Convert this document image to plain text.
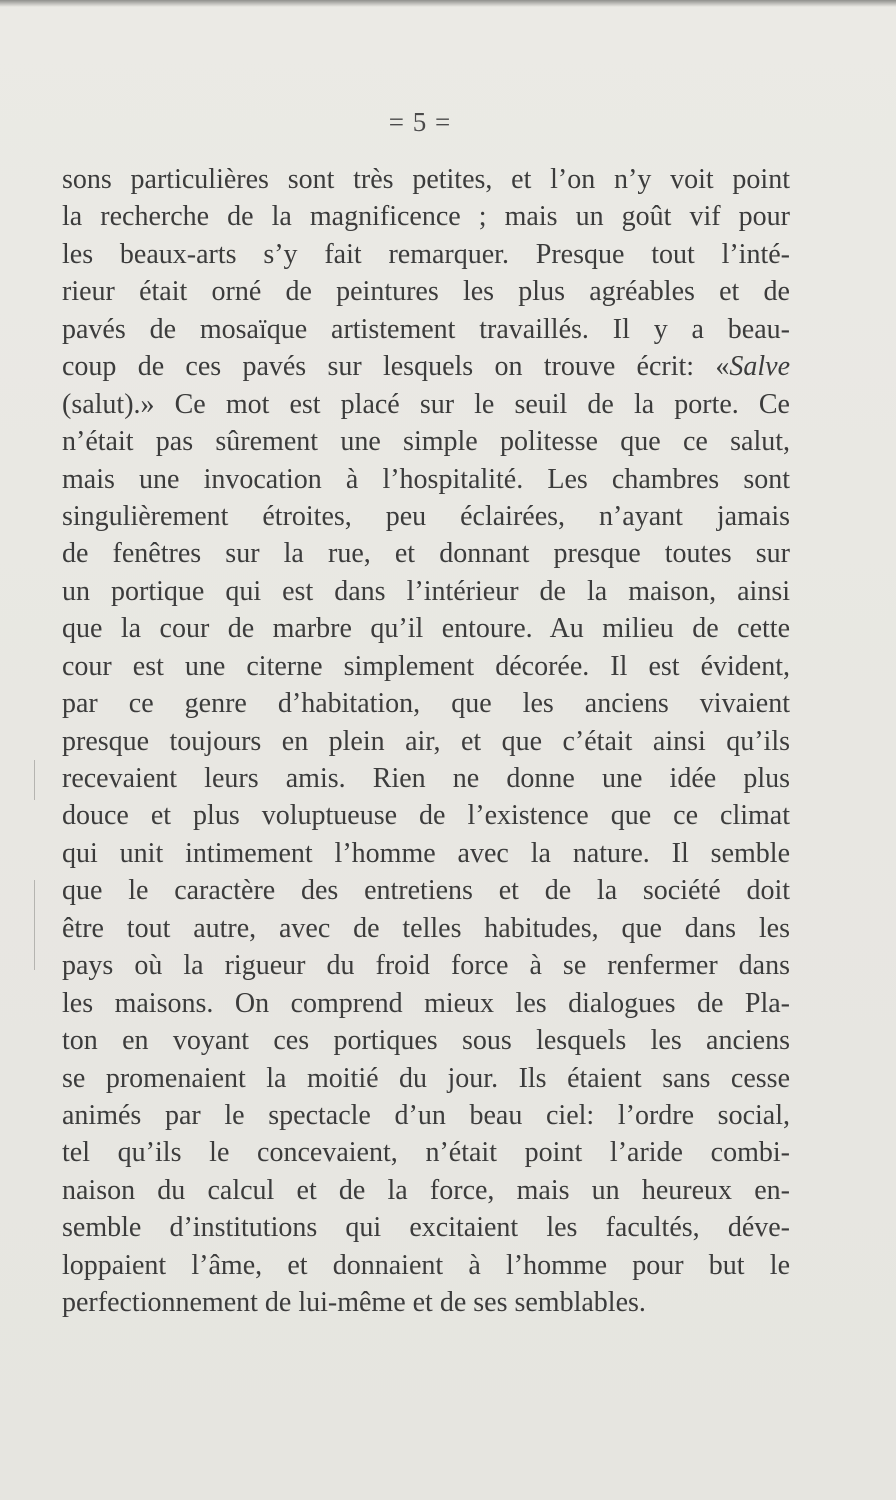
= 5 =
sons particulières sont très petites, et l’on n’y voit point
la recherche de la magnificence ; mais un goût vif pour
les beaux-arts s’y fait remarquer. Presque tout l’inté-
rieur était orné de peintures les plus agréables et de
pavés de mosaïque artistement travaillés. Il y a beau-
coup de ces pavés sur lesquels on trouve écrit: «Salve
(salut).» Ce mot est placé sur le seuil de la porte. Ce
n’était pas sûrement une simple politesse que ce salut,
mais une invocation à l’hospitalité. Les chambres sont
singulièrement étroites, peu éclairées, n’ayant jamais
de fenêtres sur la rue, et donnant presque toutes sur
un portique qui est dans l’intérieur de la maison, ainsi
que la cour de marbre qu’il entoure. Au milieu de cette
cour est une citerne simplement décorée. Il est évident,
par ce genre d’habitation, que les anciens vivaient
presque toujours en plein air, et que c’était ainsi qu’ils
recevaient leurs amis. Rien ne donne une idée plus
douce et plus voluptueuse de l’existence que ce climat
qui unit intimement l’homme avec la nature. Il semble
que le caractère des entretiens et de la société doit
être tout autre, avec de telles habitudes, que dans les
pays où la rigueur du froid force à se renfermer dans
les maisons. On comprend mieux les dialogues de Pla-
ton en voyant ces portiques sous lesquels les anciens
se promenaient la moitié du jour. Ils étaient sans cesse
animés par le spectacle d’un beau ciel: l’ordre social,
tel qu’ils le concevaient, n’était point l’aride combi-
naison du calcul et de la force, mais un heureux en-
semble d’institutions qui excitaient les facultés, déve-
loppaient l’âme, et donnaient à l’homme pour but le
perfectionnement de lui-même et de ses semblables.
